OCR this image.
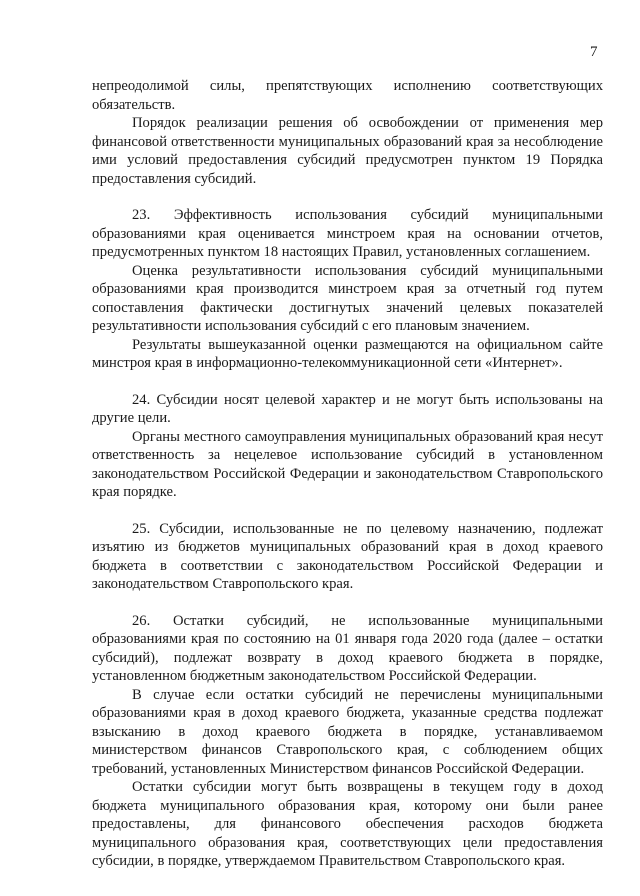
7

непреодолимой силы, препятствующих исполнению соответствующих обязательств.

Порядок реализации решения об освобождении от применения мер финансовой ответственности муниципальных образований края за несоблюдение ими условий предоставления субсидий предусмотрен пунктом 19 Порядка предоставления субсидий.

23. Эффективность использования субсидий муниципальными образованиями края оценивается минстроем края на основании отчетов, предусмотренных пунктом 18 настоящих Правил, установленных соглашением.

Оценка результативности использования субсидий муниципальными образованиями края производится минстроем края за отчетный год путем сопоставления фактически достигнутых значений целевых показателей результативности использования субсидий с его плановым значением.

Результаты вышеуказанной оценки размещаются на официальном сайте минстроя края в информационно-телекоммуникационной сети «Интернет».

24. Субсидии носят целевой характер и не могут быть использованы на другие цели.

Органы местного самоуправления муниципальных образований края несут ответственность за нецелевое использование субсидий в установленном законодательством Российской Федерации и законодательством Ставропольского края порядке.

25. Субсидии, использованные не по целевому назначению, подлежат изъятию из бюджетов муниципальных образований края в доход краевого бюджета в соответствии с законодательством Российской Федерации и законодательством Ставропольского края.

26. Остатки субсидий, не использованные муниципальными образованиями края по состоянию на 01 января года 2020 года (далее – остатки субсидий), подлежат возврату в доход краевого бюджета в порядке, установленном бюджетным законодательством Российской Федерации.

В случае если остатки субсидий не перечислены муниципальными образованиями края в доход краевого бюджета, указанные средства подлежат взысканию в доход краевого бюджета в порядке, устанавливаемом министерством финансов Ставропольского края, с соблюдением общих требований, установленных Министерством финансов Российской Федерации.

Остатки субсидии могут быть возвращены в текущем году в доход бюджета муниципального образования края, которому они были ранее предоставлены, для финансового обеспечения расходов бюджета муниципального образования края, соответствующих цели предоставления субсидии, в порядке, утверждаемом Правительством Ставропольского края.
